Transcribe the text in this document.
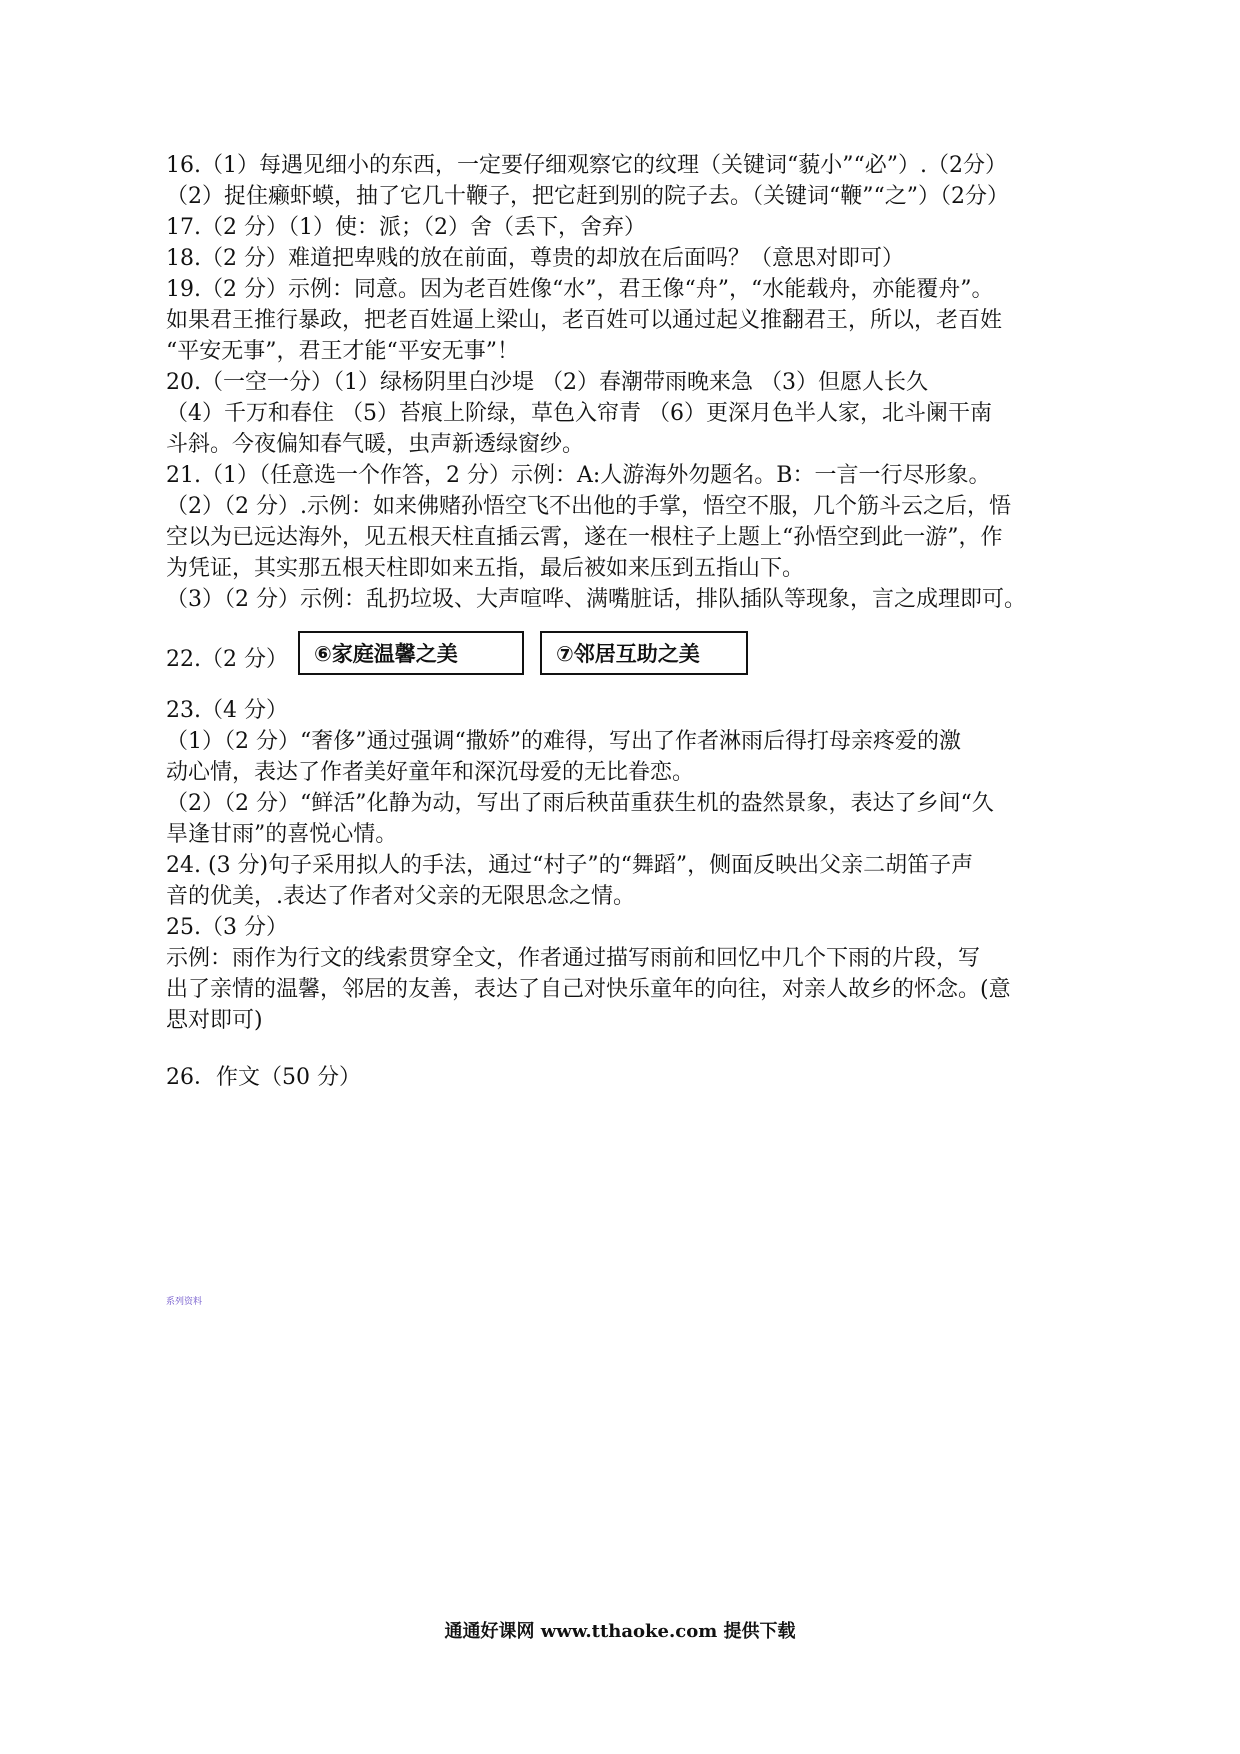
16.（1）每遇见细小的东西，一定要仔细观察它的纹理（关键词“藐小”“必”）.（2分）
（2）捉住癞虾蟆，抽了它几十鞭子，把它赶到别的院子去。（关键词“鞭”“之”）（2分）
17.（2 分）（1）使：派；（2）舍（丢下，舍弃）
18.（2 分）难道把卑贱的放在前面，尊贵的却放在后面吗？（意思对即可）
19.（2 分）示例：同意。因为老百姓像“水”，君王像“舟”，“水能载舟，亦能覆舟”。
如果君王推行暴政，把老百姓逼上梁山，老百姓可以通过起义推翻君王，所以，老百姓
“平安无事”，君王才能“平安无事”！
20.（一空一分）（1）绿杨阴里白沙堤 （2）春潮带雨晚来急 （3）但愿人长久
（4）千万和春住 （5）苔痕上阶绿，草色入帘青 （6）更深月色半人家，北斗阑干南
斗斜。今夜偏知春气暖，虫声新透绿窗纱。
21.（1）（任意选一个作答，2 分）示例：A:人游海外勿题名。B：一言一行尽形象。
（2）（2 分）.示例：如来佛赌孙悟空飞不出他的手掌，悟空不服，几个筋斗云之后，悟
空以为已远达海外，见五根天柱直插云霄，遂在一根柱子上题上“孙悟空到此一游”，作
为凭证，其实那五根天柱即如来五指，最后被如来压到五指山下。
（3）（2 分）示例：乱扔垃圾、大声喧哗、满嘴脏话，排队插队等现象，言之成理即可。
22.（2 分）	⑥家庭温馨之美	⑦邻居互助之美
23.（4 分）
（1）（2 分）“奢侈”通过强调“撒娇”的难得，写出了作者淋雨后得打母亲疼爱的激
动心情，表达了作者美好童年和深沉母爱的无比眷恋。
（2）（2 分）“鲜活”化静为动，写出了雨后秧苗重获生机的盎然景象，表达了乡间“久
旱逢甘雨”的喜悦心情。
24. (3 分)句子采用拟人的手法，通过“村子”的“舞蹈”，侧面反映出父亲二胡笛子声
音的优美，.表达了作者对父亲的无限思念之情。
25.（3 分）
示例：雨作为行文的线索贯穿全文，作者通过描写雨前和回忆中几个下雨的片段，写
出了亲情的温馨，邻居的友善，表达了自己对快乐童年的向往，对亲人故乡的怀念。(意
思对即可)
26．作文（50 分）
系列资料
通通好课网 www.tthaoke.com 提供下载
